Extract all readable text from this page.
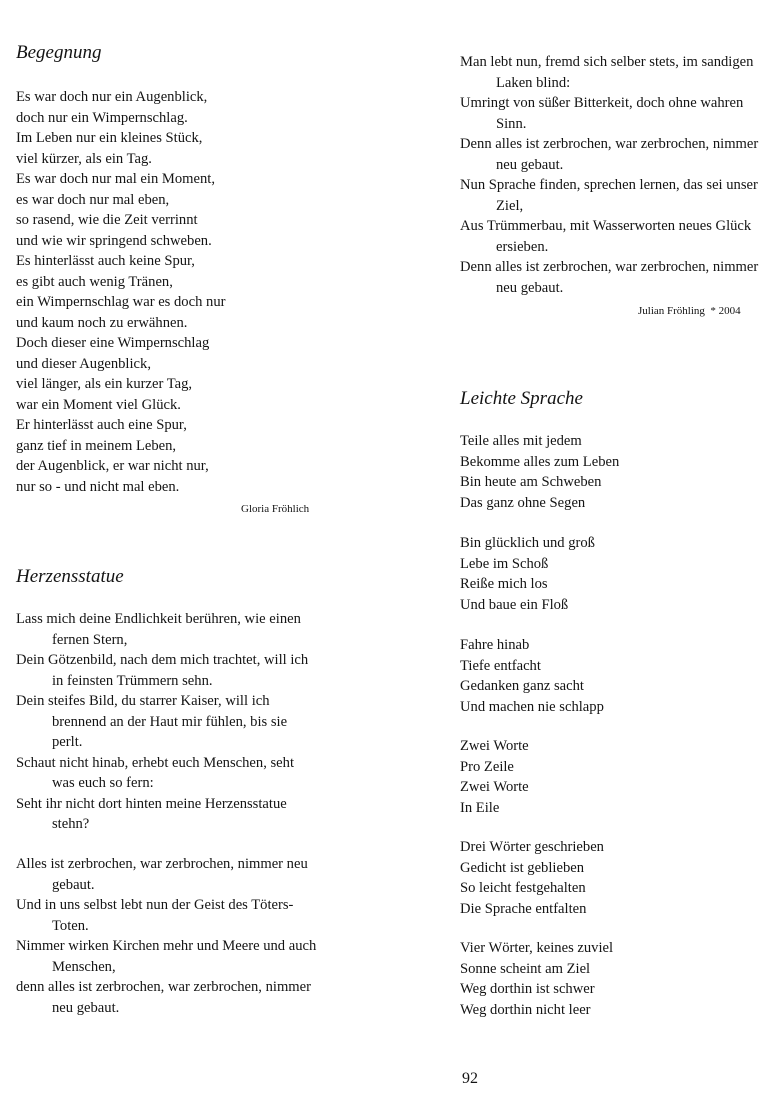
Begegnung
Es war doch nur ein Augenblick,
doch nur ein Wimpernschlag.
Im Leben nur ein kleines Stück,
viel kürzer, als ein Tag.
Es war doch nur mal ein Moment,
es war doch nur mal eben,
so rasend, wie die Zeit verrinnt
und wie wir springend schweben.
Es hinterlässt auch keine Spur,
es gibt auch wenig Tränen,
ein Wimpernschlag war es doch nur
und kaum noch zu erwähnen.
Doch dieser eine Wimpernschlag
und dieser Augenblick,
viel länger, als ein kurzer Tag,
war ein Moment viel Glück.
Er hinterlässt auch eine Spur,
ganz tief in meinem Leben,
der Augenblick, er war nicht nur,
nur so - und nicht mal eben.
Gloria Fröhlich
Herzensstatue
Lass mich deine Endlichkeit berühren, wie einen fernen Stern,
Dein Götzenbild, nach dem mich trachtet, will ich in feinsten Trümmern sehn.
Dein steifes Bild, du starrer Kaiser, will ich brennend an der Haut mir fühlen, bis sie perlt.
Schaut nicht hinab, erhebt euch Menschen, seht was euch so fern:
Seht ihr nicht dort hinten meine Herzensstatue stehn?
Alles ist zerbrochen, war zerbrochen, nimmer neu gebaut.
Und in uns selbst lebt nun der Geist des Töters-Toten.
Nimmer wirken Kirchen mehr und Meere und auch Menschen,
denn alles ist zerbrochen, war zerbrochen, nimmer neu gebaut.
Man lebt nun, fremd sich selber stets, im sandigen Laken blind:
Umringt von süßer Bitterkeit, doch ohne wahren Sinn.
Denn alles ist zerbrochen, war zerbrochen, nimmer neu gebaut.
Nun Sprache finden, sprechen lernen, das sei unser Ziel,
Aus Trümmerbau, mit Wasserworten neues Glück ersieben.
Denn alles ist zerbrochen, war zerbrochen, nimmer neu gebaut.
Julian Fröhling * 2004
Leichte Sprache
Teile alles mit jedem
Bekomme alles zum Leben
Bin heute am Schweben
Das ganz ohne Segen
Bin glücklich und groß
Lebe im Schoß
Reiße mich los
Und baue ein Floß
Fahre hinab
Tiefe entfacht
Gedanken ganz sacht
Und machen nie schlapp
Zwei Worte
Pro Zeile
Zwei Worte
In Eile
Drei Wörter geschrieben
Gedicht ist geblieben
So leicht festgehalten
Die Sprache entfalten
Vier Wörter, keines zuviel
Sonne scheint am Ziel
Weg dorthin ist schwer
Weg dorthin nicht leer
92
